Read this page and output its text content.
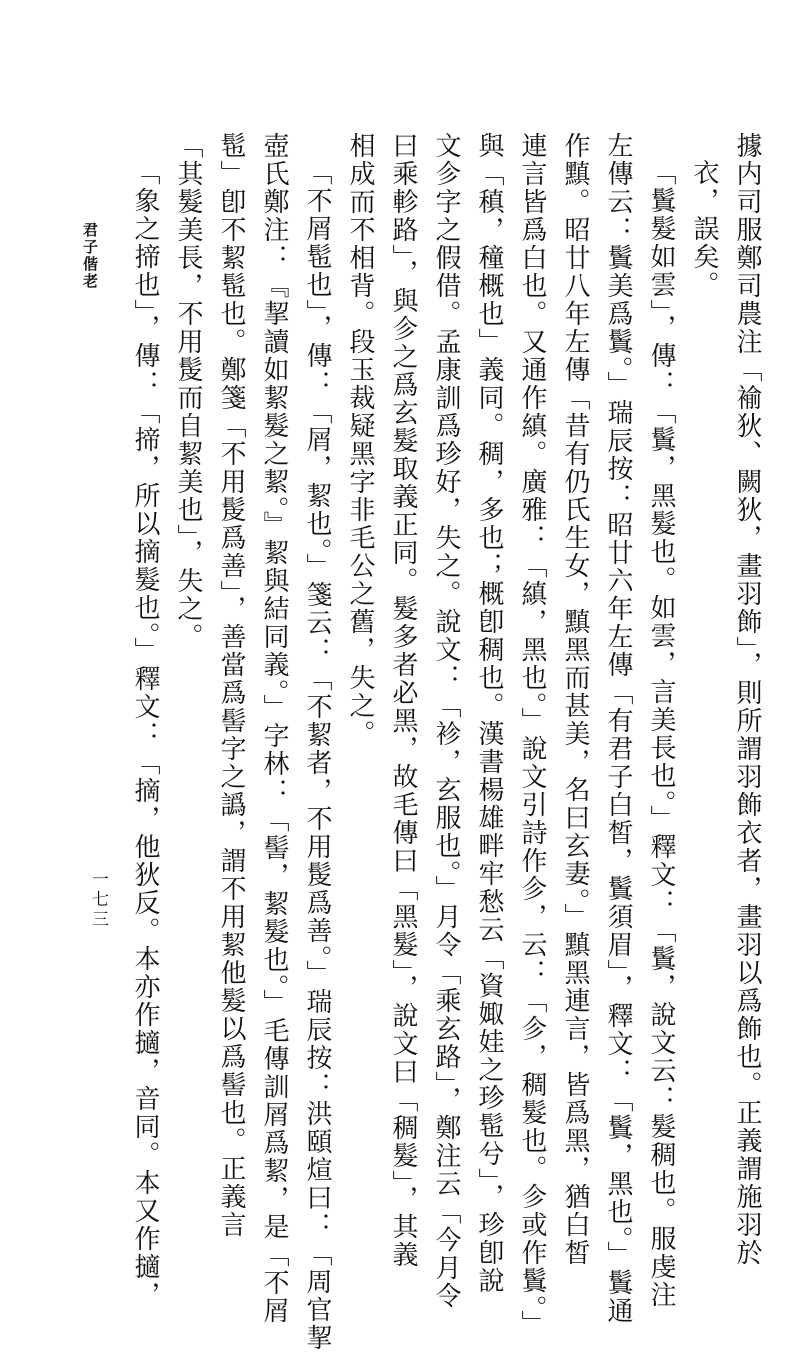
據内司服鄭司農注「褕狄、闕狄，畫羽飾」，則所謂羽飾衣者，畫羽以爲飾也。正義謂施羽於

衣，誤矣。

「鬒髮如雲」，傳：「鬒，黑髮也。如雲，言美長也。」釋文：「鬒，說文云：髮稠也。服虔注

左傳云：鬒美爲鬒。」瑞辰按：昭廿六年左傳「有君子白皙，鬒須眉」，釋文：「鬒，黑也。」鬒通

作黰。昭廿八年左傳「昔有仍氏生女，黰黑而甚美，名曰玄妻。」黰黑連言，皆爲黑，猶白皙

連言皆爲白也。又通作縝。廣雅：「縝，黑也。」說文引詩作㐱，云：「㐱，稠髮也。㐱或作鬒。」

與「稹，穜概也」義同。稠，多也；概卽稠也。漢書楊雄畔牢愁云「資娵娃之珍髢兮」，珍卽說

文㐱字之假借。孟康訓爲珍好，失之。說文：「袗，玄服也。」月令「乘玄路」，鄭注云「今月令

曰乘軫路」，與㐱之爲玄髮取義正同。髮多者必黑，故毛傳曰「黑髮」，說文曰「稠髮」，其義

相成而不相背。段玉裁疑黑字非毛公之舊，失之。

「不屑髢也」，傳：「屑，絜也。」箋云：「不絜者，不用髲爲善。」瑞辰按：洪頤煊曰：「周官挈

壺氏鄭注：『挈讀如絜髮之絜。』絜與結同義。」字林：「髻，絜髮也。」毛傳訓屑爲絜，是「不屑

髢」卽不絜髢也。鄭箋「不用髲爲善」，善當爲髻字之譌，謂不用絜他髮以爲髻也。正義言

「其髮美長，不用髲而自絜美也」，失之。

「象之揥也」，傳：「揥，所以摘髮也。」釋文：「摘，他狄反。本亦作擿，音同。本又作擿，

君子偕老
一七三
